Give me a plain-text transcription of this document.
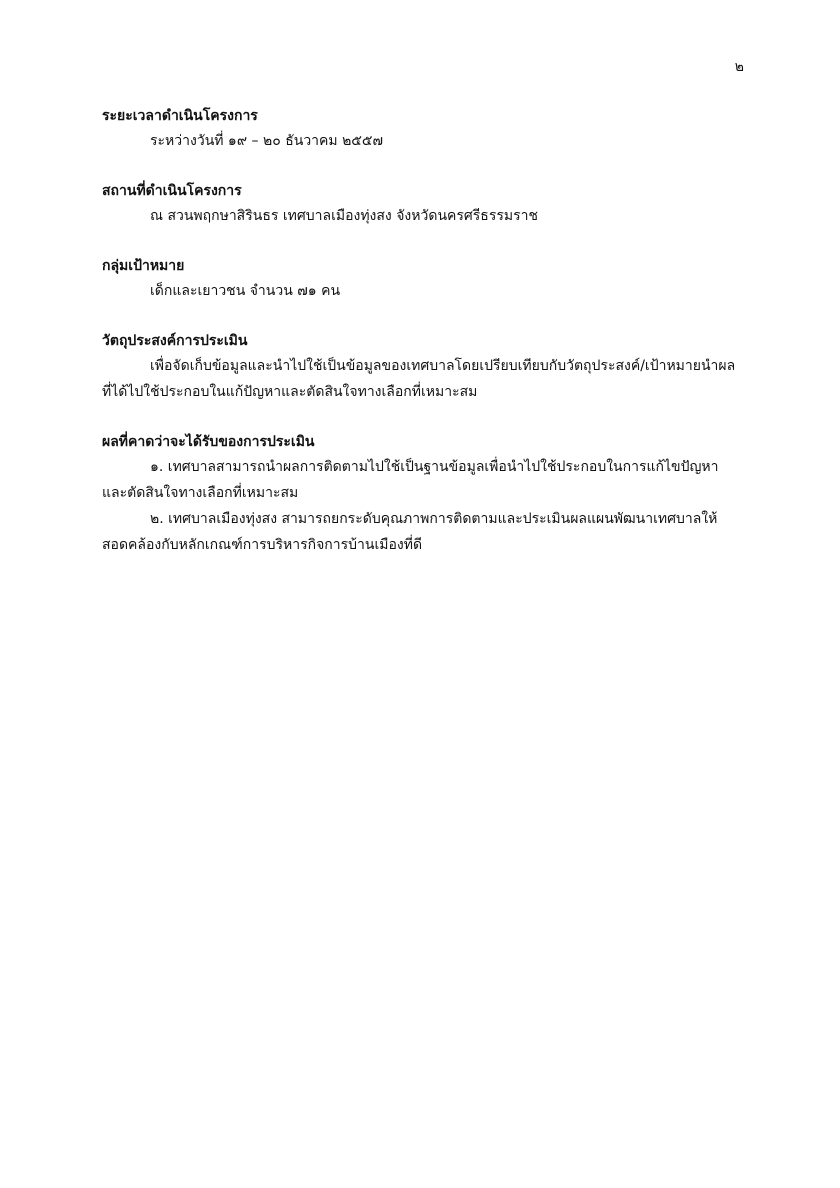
๒

ระยะเวลาดำเนินโครงการ

ระหว่างวันที่ ๑๙ – ๒๐ ธันวาคม ๒๕๕๗

สถานที่ดำเนินโครงการ

ณ สวนพฤกษาสิรินธร เทศบาลเมืองทุ่งสง จังหวัดนครศรีธรรมราช

กลุ่มเป้าหมาย

เด็กและเยาวชน จำนวน ๗๑ คน

วัตถุประสงค์การประเมิน

เพื่อจัดเก็บข้อมูลและนำไปใช้เป็นข้อมูลของเทศบาลโดยเปรียบเทียบกับวัตถุประสงค์/เป้าหมายนำผลที่ได้ไปใช้ประกอบในแก้ปัญหาและตัดสินใจทางเลือกที่เหมาะสม

ผลที่คาดว่าจะได้รับของการประเมิน

๑. เทศบาลสามารถนำผลการติดตามไปใช้เป็นฐานข้อมูลเพื่อนำไปใช้ประกอบในการแก้ไขปัญหาและตัดสินใจทางเลือกที่เหมาะสม

๒. เทศบาลเมืองทุ่งสง สามารถยกระดับคุณภาพการติดตามและประเมินผลแผนพัฒนาเทศบาลให้สอดคล้องกับหลักเกณฑ์การบริหารกิจการบ้านเมืองที่ดี
